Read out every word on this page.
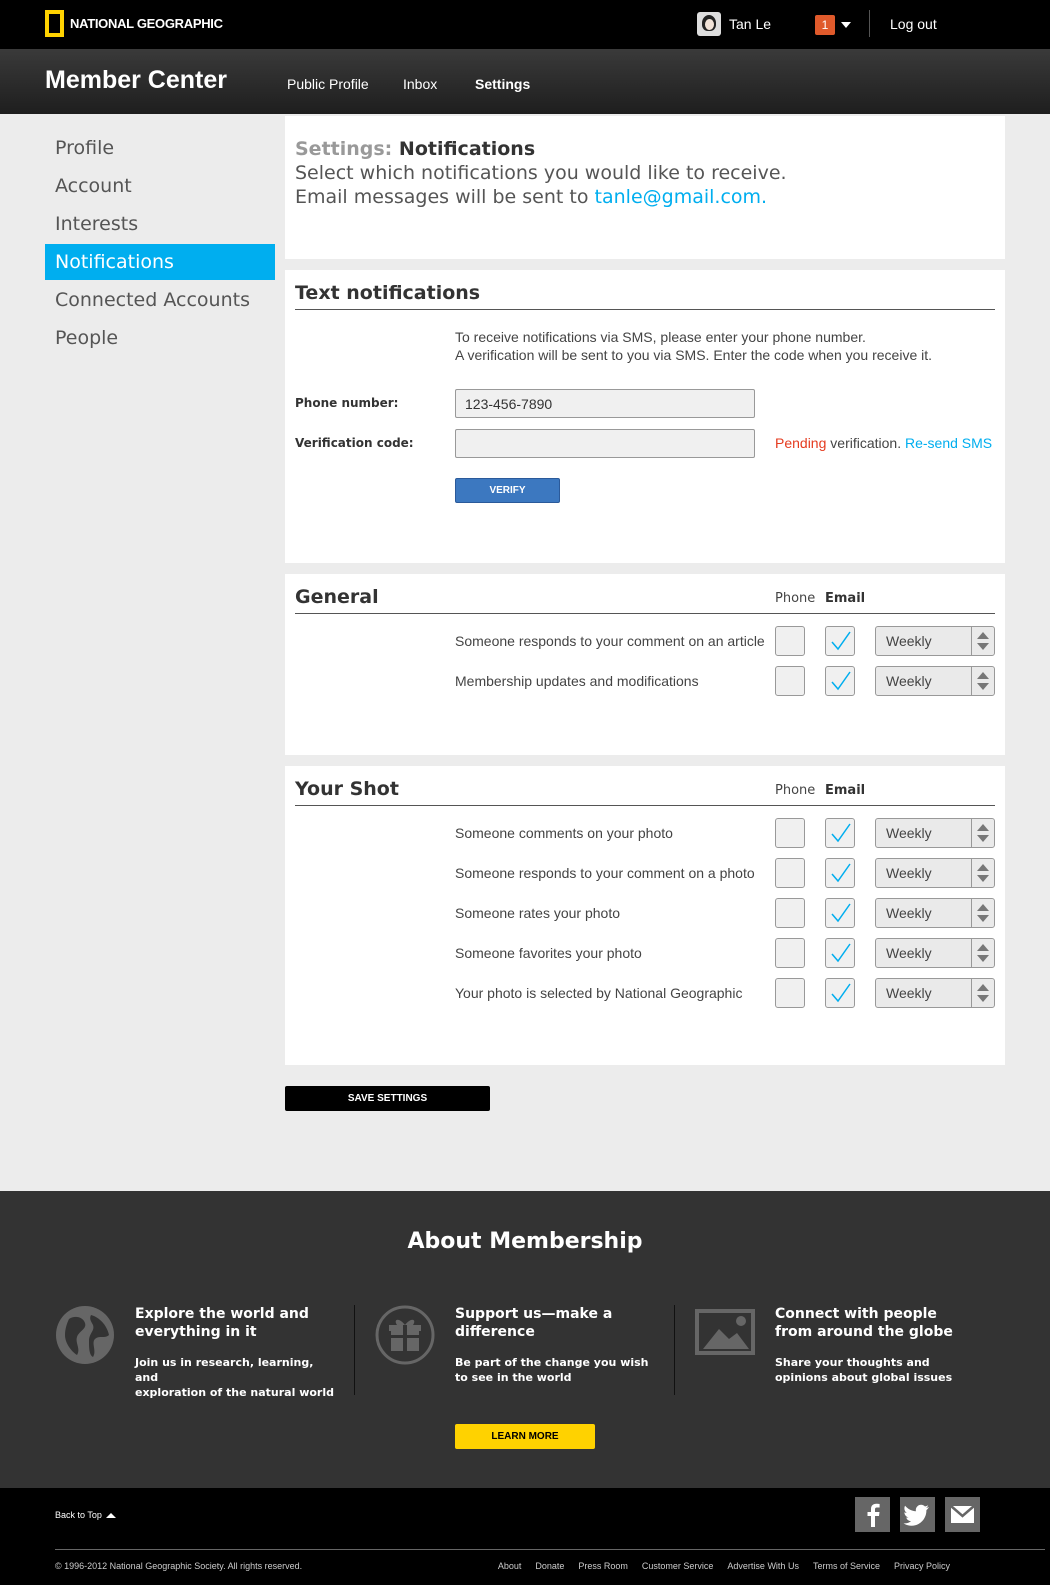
NATIONAL GEOGRAPHIC	Tan Le	1	Log out
Member Center	Public Profile Inbox	Settings
Profile
Account
Interests
Notifications
Connected Accounts
People
Settings: Notifications
Select which notifications you would like to receive.
Email messages will be sent to tanle@gmail.com.
Text notifications
To receive notifications via SMS, please enter your phone number.
A verification will be sent to you via SMS. Enter the code when you receive it.
Phone number:
123-456-7890
Verification code:	Pending verification. Re-send SMS
VERIFY
General	Phone Email
Someone responds to your comment on an article	Weekly
Membership updates and modifications	Weekly
Your Shot	Phone Email
Someone comments on your photo	Weekly
Someone responds to your comment on a photo	Weekly
Someone rates your photo	Weekly
Someone favorites your photo	Weekly
Your photo is selected by National Geographic	Weekly
SAVE SETTINGS
About Membership
Explore the world and
everything in it
Join us in research, learning, and
exploration of the natural world
Support us—make a
difference
Be part of the change you wish
to see in the world
Connect with people
from around the globe
Share your thoughts and
opinions about global issues
LEARN MORE
Back to Top
© 1996-2012 National Geographic Society. All rights reserved.	About Donate Press Room Customer Service Advertise With Us Terms of Service Privacy Policy
